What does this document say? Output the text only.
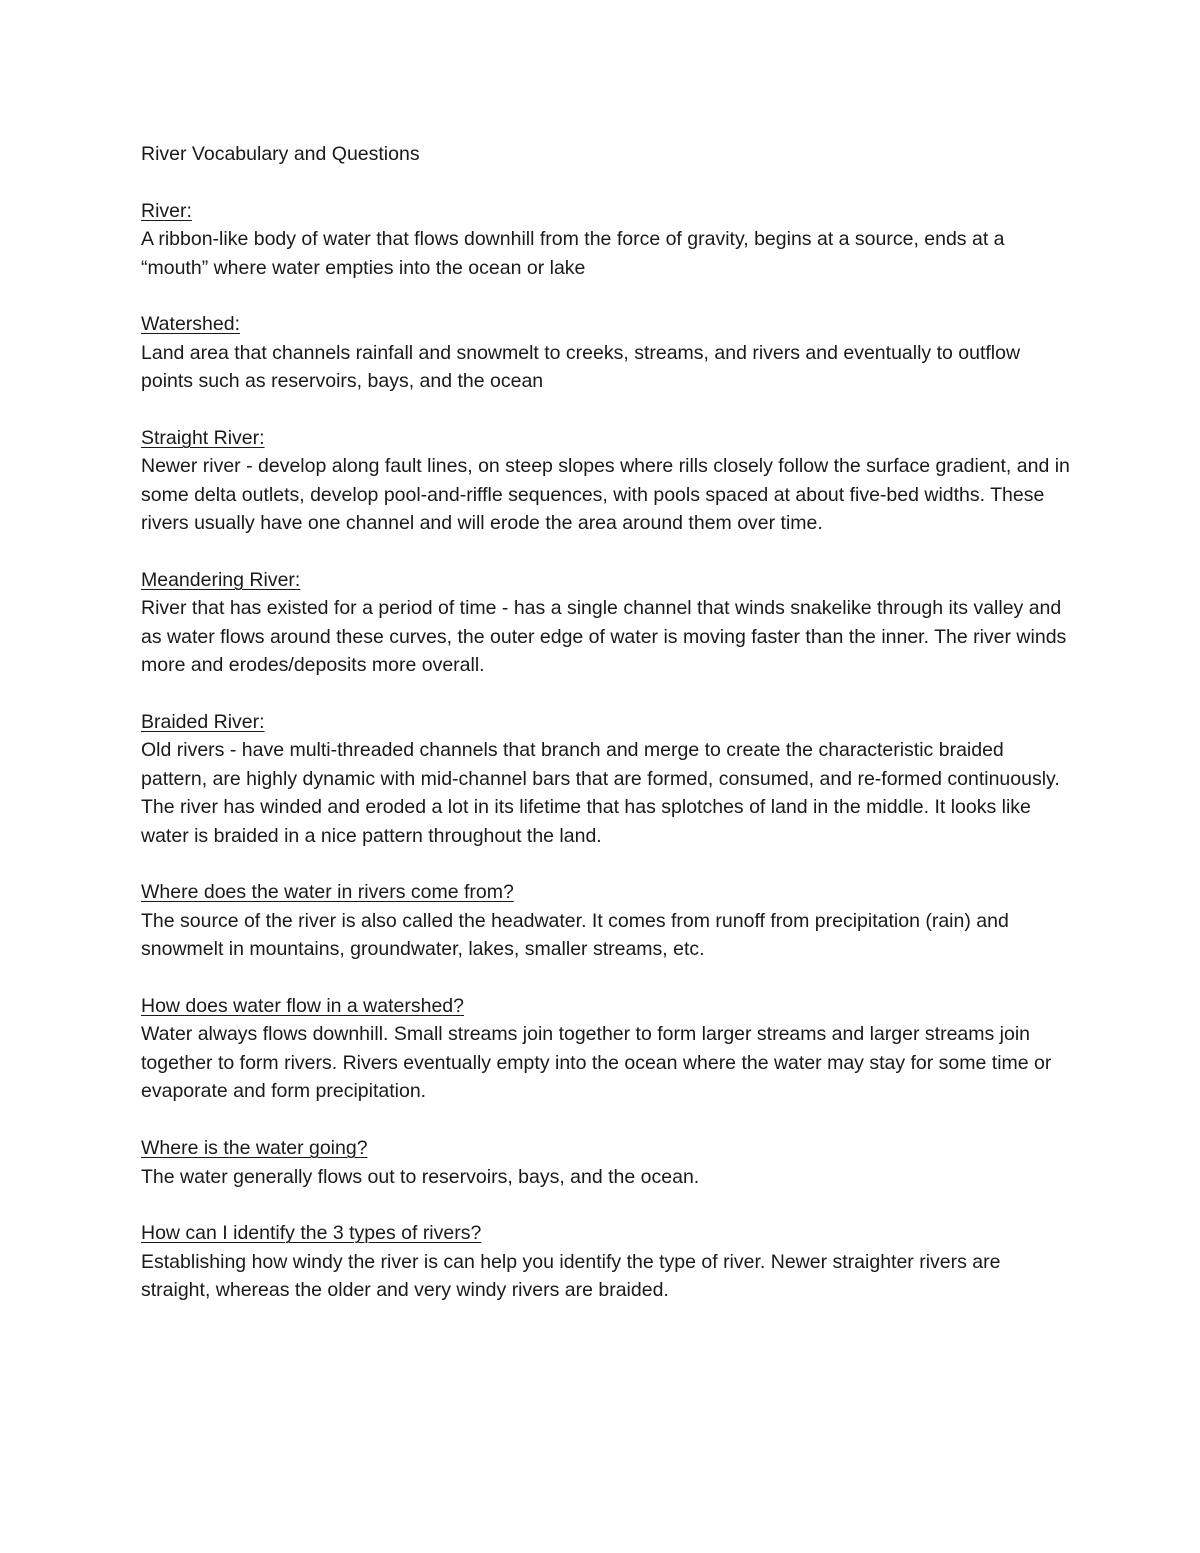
River Vocabulary and Questions
River:
A ribbon-like body of water that flows downhill from the force of gravity, begins at a source, ends at a “mouth” where water empties into the ocean or lake
Watershed:
Land area that channels rainfall and snowmelt to creeks, streams, and rivers and eventually to outflow points such as reservoirs, bays, and the ocean
Straight River:
Newer river - develop along fault lines, on steep slopes where rills closely follow the surface gradient, and in some delta outlets, develop pool-and-riffle sequences, with pools spaced at about five-bed widths. These rivers usually have one channel and will erode the area around them over time.
Meandering River:
River that has existed for a period of time - has a single channel that winds snakelike through its valley and as water flows around these curves, the outer edge of water is moving faster than the inner. The river winds more and erodes/deposits more overall.
Braided River:
Old rivers - have multi-threaded channels that branch and merge to create the characteristic braided pattern, are highly dynamic with mid-channel bars that are formed, consumed, and re-formed continuously. The river has winded and eroded a lot in its lifetime that has splotches of land in the middle. It looks like water is braided in a nice pattern throughout the land.
Where does the water in rivers come from?
The source of the river is also called the headwater. It comes from runoff from precipitation (rain) and snowmelt in mountains, groundwater, lakes, smaller streams, etc.
How does water flow in a watershed?
Water always flows downhill. Small streams join together to form larger streams and larger streams join together to form rivers. Rivers eventually empty into the ocean where the water may stay for some time or evaporate and form precipitation.
Where is the water going?
The water generally flows out to reservoirs, bays, and the ocean.
How can I identify the 3 types of rivers?
Establishing how windy the river is can help you identify the type of river. Newer straighter rivers are straight, whereas the older and very windy rivers are braided.
